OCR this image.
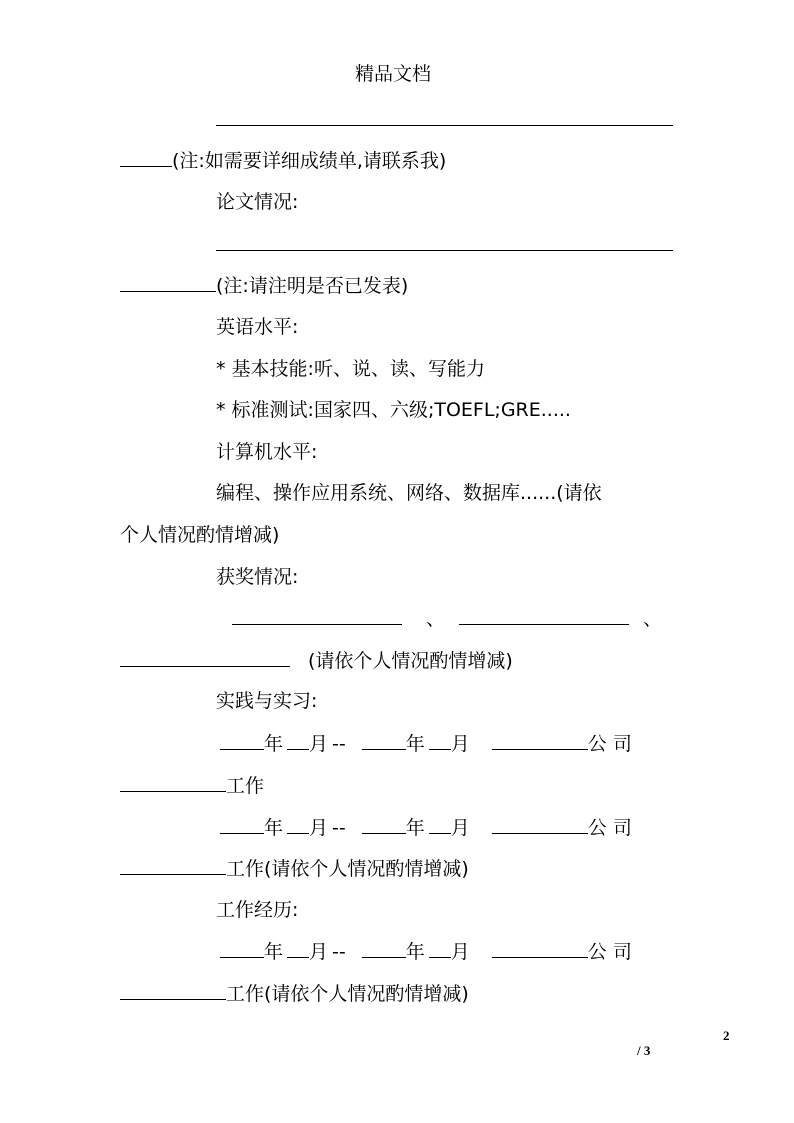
精品文档
(注:如需要详细成绩单,请联系我)
论文情况:
(注:请注明是否已发表)
英语水平:
* 基本技能:听、说、读、写能力
* 标准测试:国家四、六级;TOEFL;GRE.....
计算机水平:
编程、操作应用系统、网络、数据库......(请依
个人情况酌情增减)
获奖情况:
、	、
(请依个人情况酌情增减)
实践与实习:
年 月 --	年 月	公 司
工作
年 月 --	年 月	公 司
工作(请依个人情况酌情增减)
工作经历:
年 月 --	年 月	公 司
工作(请依个人情况酌情增减)
2
/ 3
